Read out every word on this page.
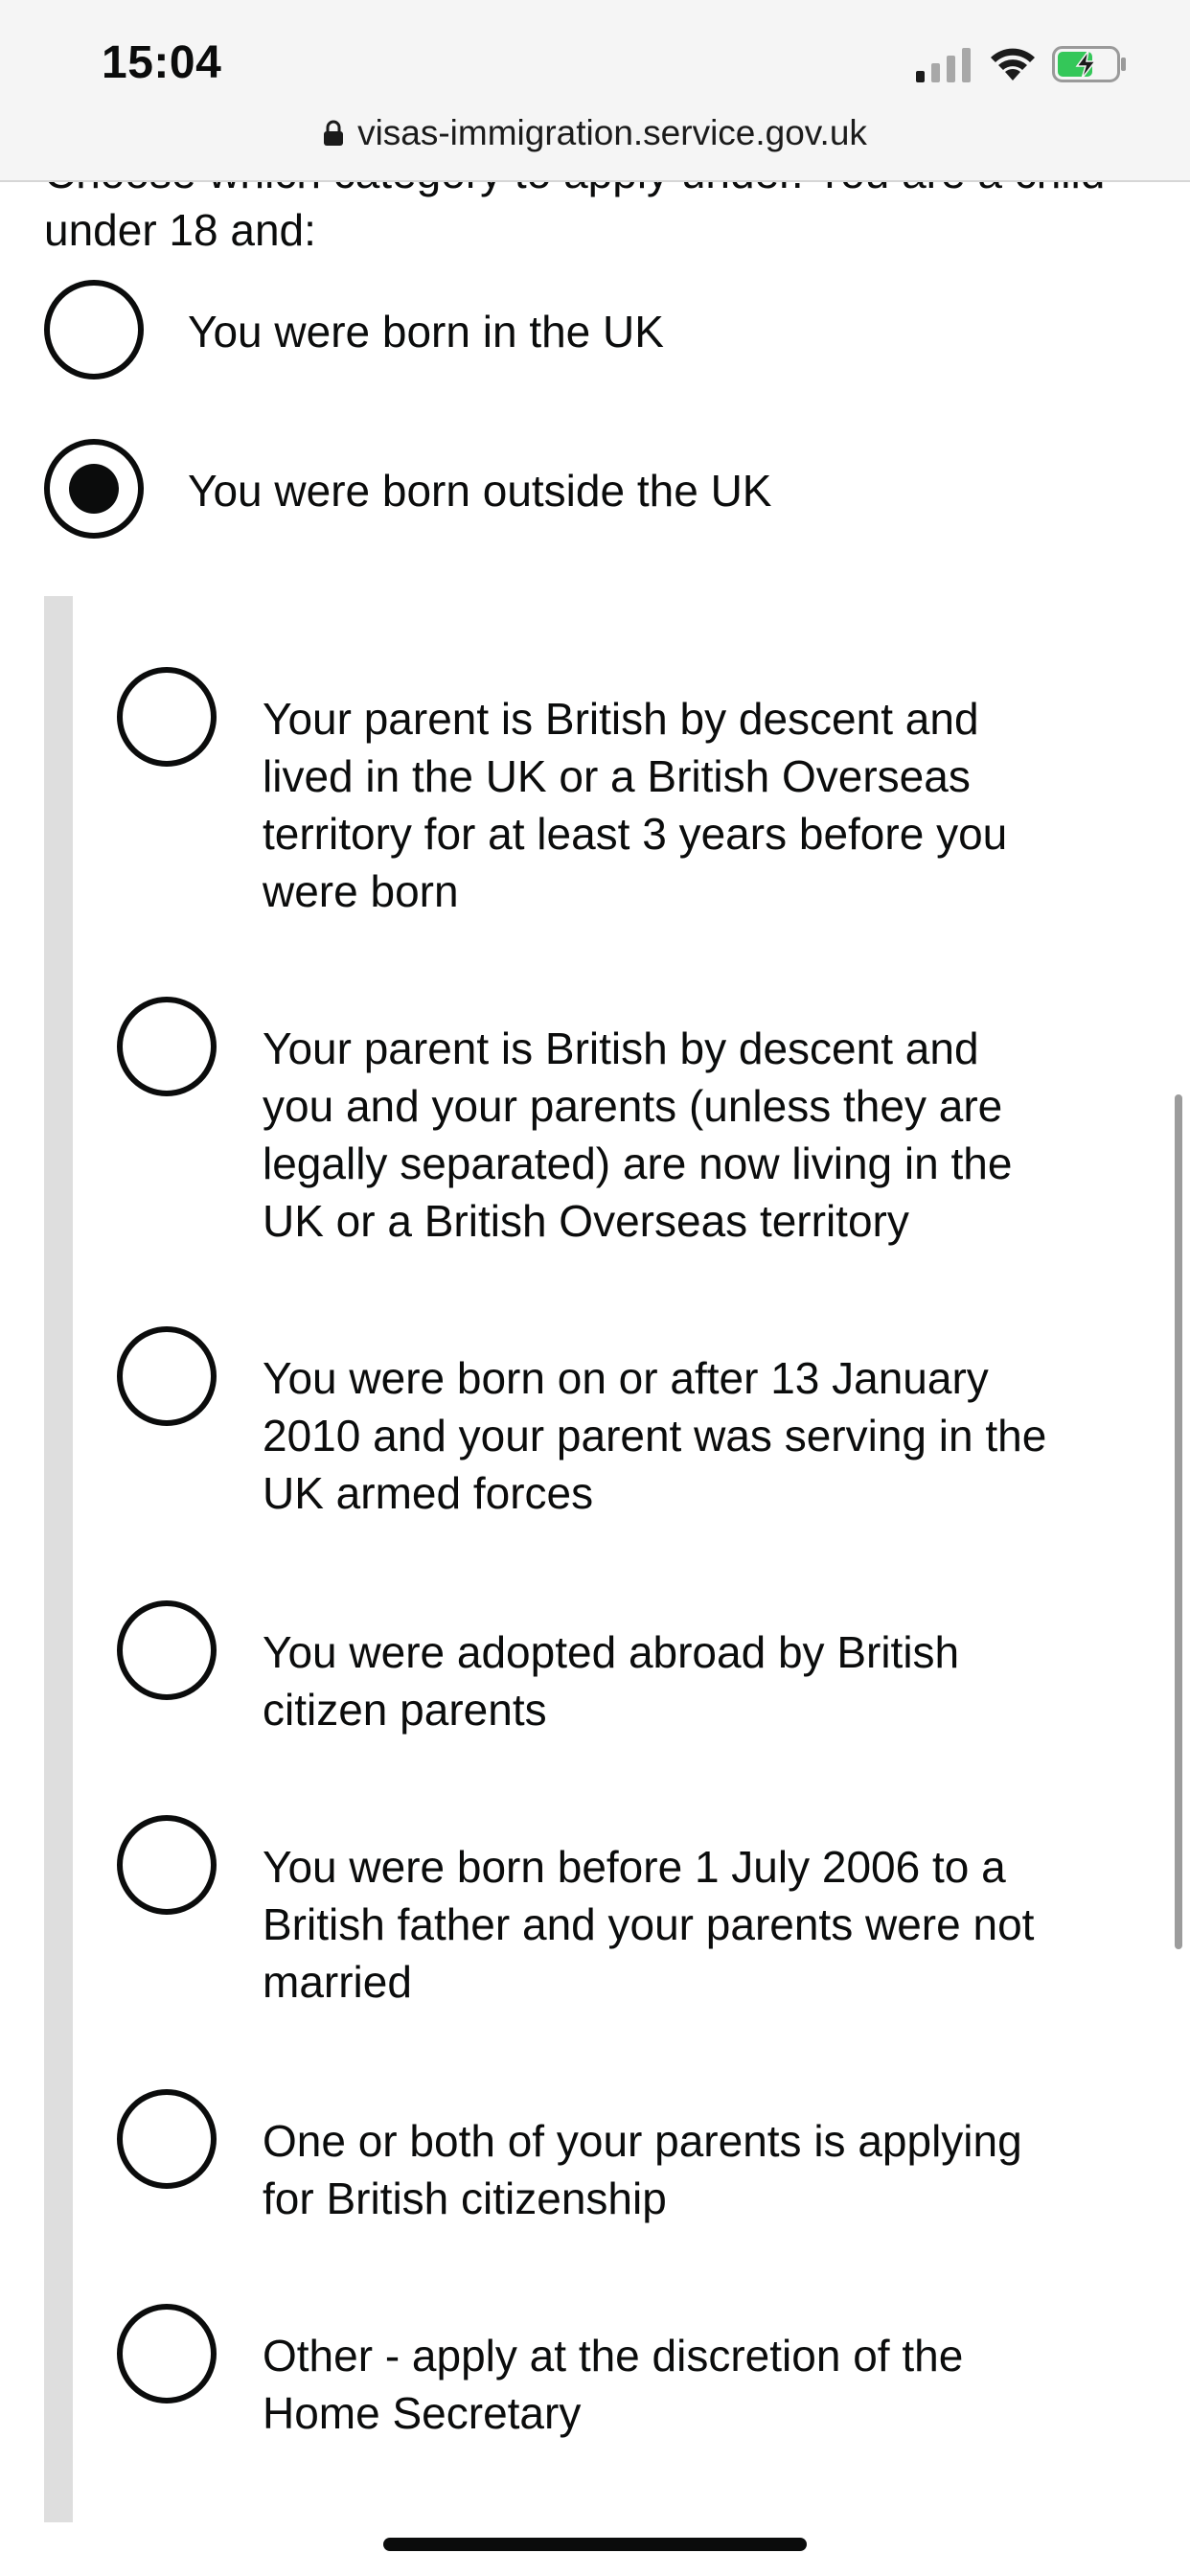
under 18 and:
You were born in the UK
You were born outside the UK
Your parent is British by descent and lived in the UK or a British Overseas territory for at least 3 years before you were born
Your parent is British by descent and you and your parents (unless they are legally separated) are now living in the UK or a British Overseas territory
You were born on or after 13 January 2010 and your parent was serving in the UK armed forces
You were adopted abroad by British citizen parents
You were born before 1 July 2006 to a British father and your parents were not married
One or both of your parents is applying for British citizenship
Other - apply at the discretion of the Home Secretary
15:04
visas-immigration.service.gov.uk
